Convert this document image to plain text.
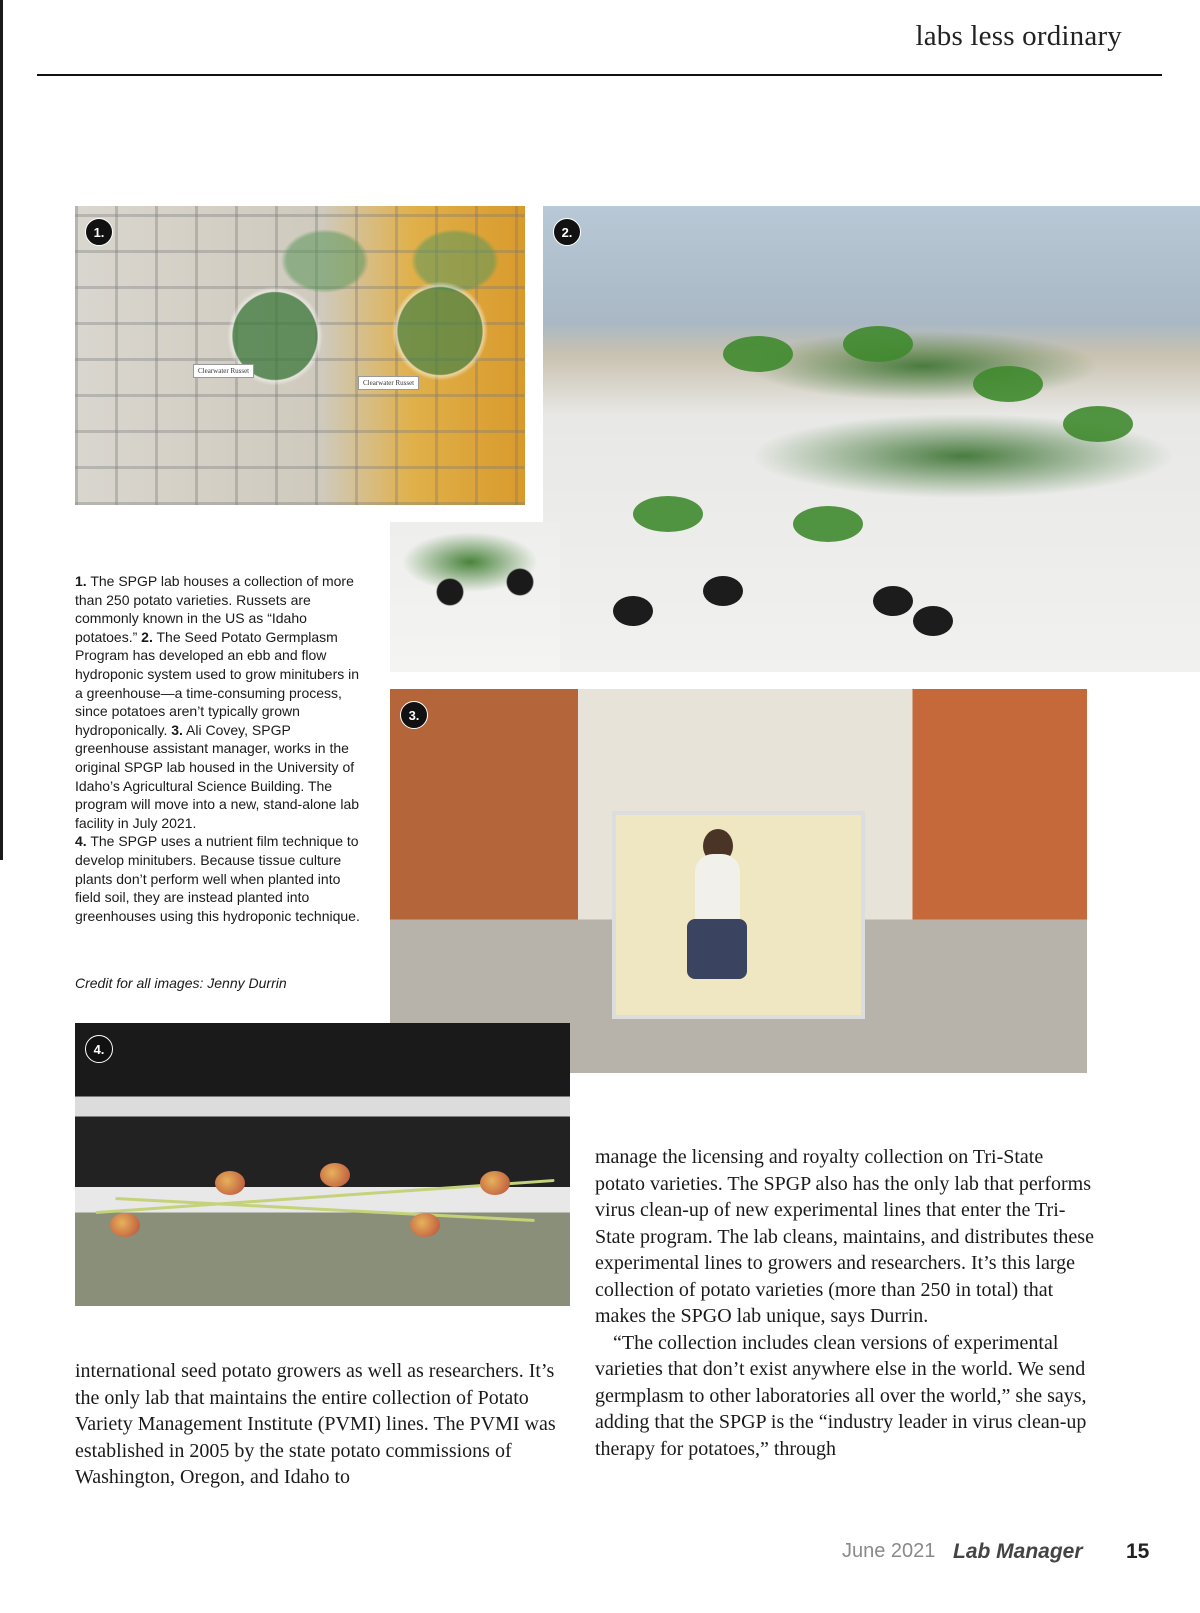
labs less ordinary
2.
Clearwater Russet
Clearwater Russet
1.
3.
4.
1. The SPGP lab houses a collection of more than 250 potato varieties. Russets are commonly known in the US as “Idaho potatoes.” 2. The Seed Potato Germplasm Program has developed an ebb and flow hydroponic system used to grow minitubers in a greenhouse—a time-consuming process, since potatoes aren’t typically grown hydroponically. 3. Ali Covey, SPGP greenhouse assistant manager, works in the original SPGP lab housed in the University of Idaho’s Agricultural Science Building. The program will move into a new, stand-alone lab facility in July 2021.
4. The SPGP uses a nutrient film technique to develop minitubers. Because tissue culture plants don’t perform well when planted into field soil, they are instead planted into greenhouses using this hydroponic technique.
Credit for all images: Jenny Durrin

international seed potato growers as well as researchers. It’s the only lab that maintains the entire collection of Potato Variety Management Institute (PVMI) lines. The PVMI was established in 2005 by the state potato commissions of Washington, Oregon, and Idaho to

manage the licensing and royalty collection on Tri-State potato varieties. The SPGP also has the only lab that performs virus clean-up of new experimental lines that enter the Tri-State program. The lab cleans, maintains, and distributes these experimental lines to growers and researchers. It’s this large collection of potato varieties (more than 250 in total) that makes the SPGO lab unique, says Durrin.

“The collection includes clean versions of experimental varieties that don’t exist anywhere else in the world. We send germplasm to other laboratories all over the world,” she says, adding that the SPGP is the “industry leader in virus clean-up therapy for potatoes,” through

June 2021 Lab Manager 15
